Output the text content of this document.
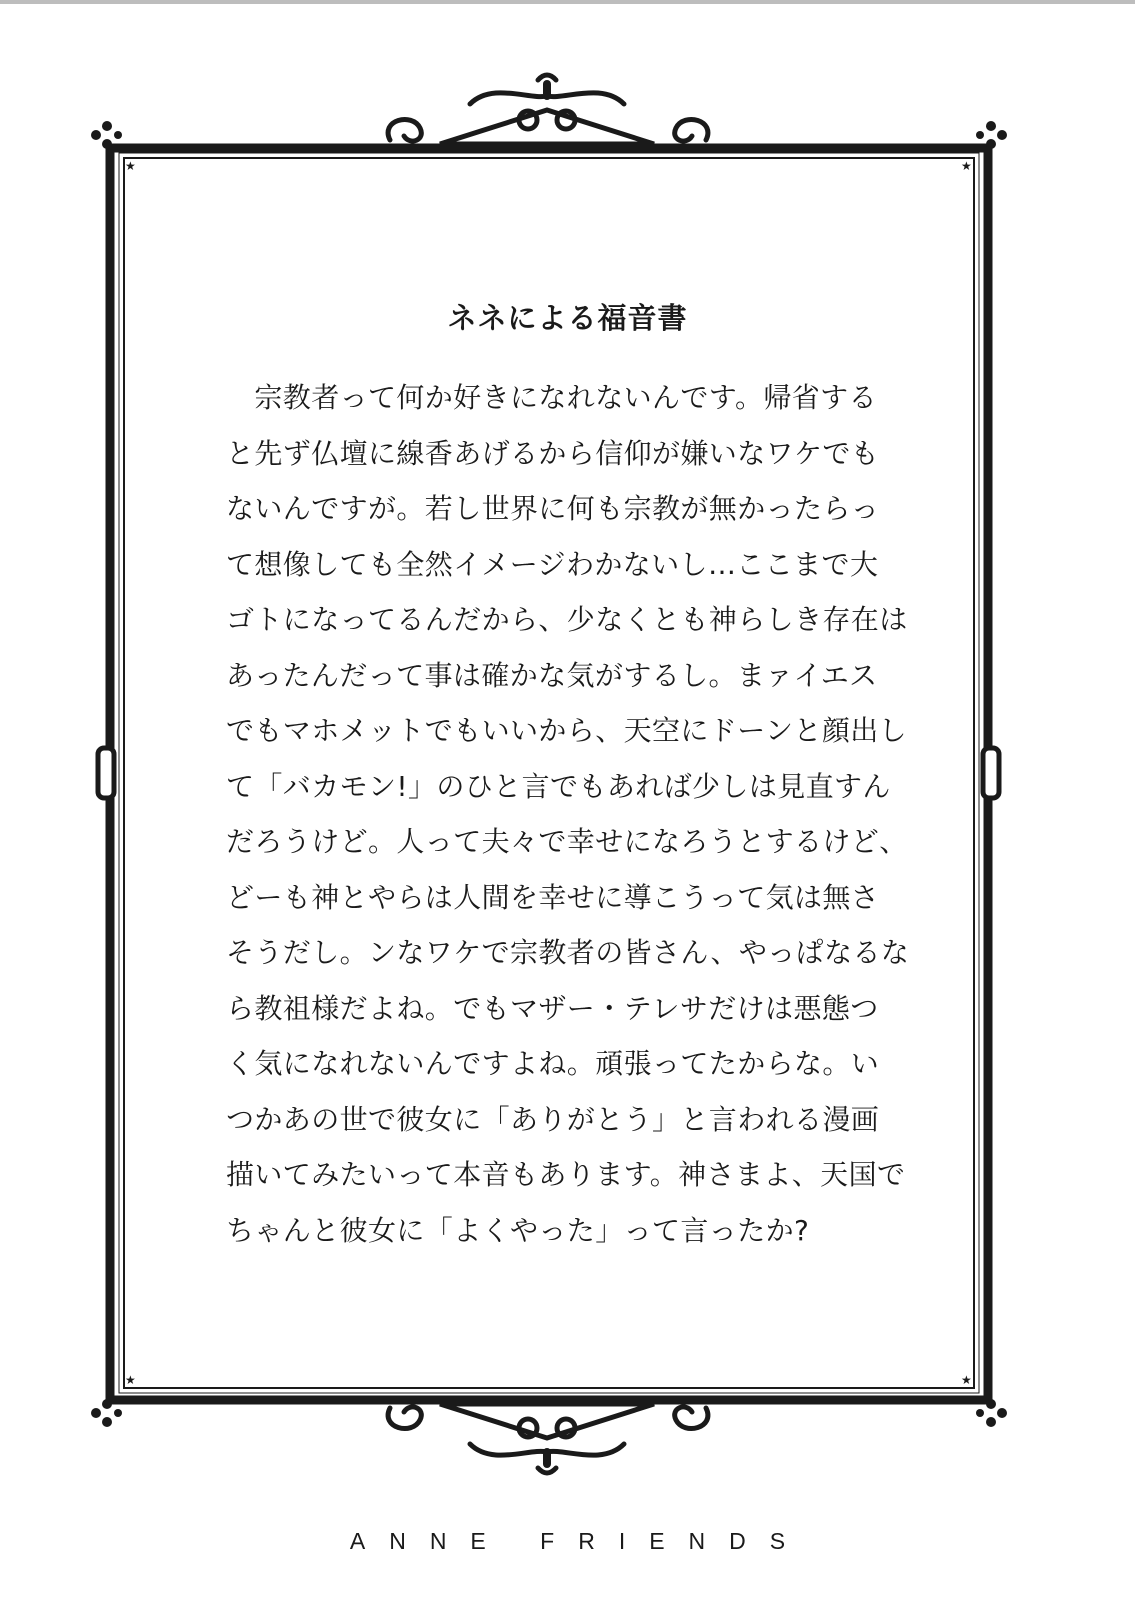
★	★
★	★
ネネによる福音書

　宗教者って何か好きになれないんです。帰省する
と先ず仏壇に線香あげるから信仰が嫌いなワケでも
ないんですが。若し世界に何も宗教が無かったらっ
て想像しても全然イメージわかないし…ここまで大
ゴトになってるんだから、少なくとも神らしき存在は
あったんだって事は確かな気がするし。まァイエス
でもマホメットでもいいから、天空にドーンと顔出し
て「バカモン!」のひと言でもあれば少しは見直すん
だろうけど。人って夫々で幸せになろうとするけど、
どーも神とやらは人間を幸せに導こうって気は無さ
そうだし。ンなワケで宗教者の皆さん、やっぱなるな
ら教祖様だよね。でもマザー・テレサだけは悪態つ
く気になれないんですよね。頑張ってたからな。い
つかあの世で彼女に「ありがとう」と言われる漫画
描いてみたいって本音もあります。神さまよ、天国で
ちゃんと彼女に「よくやった」って言ったか?

ANNE FRIENDS
